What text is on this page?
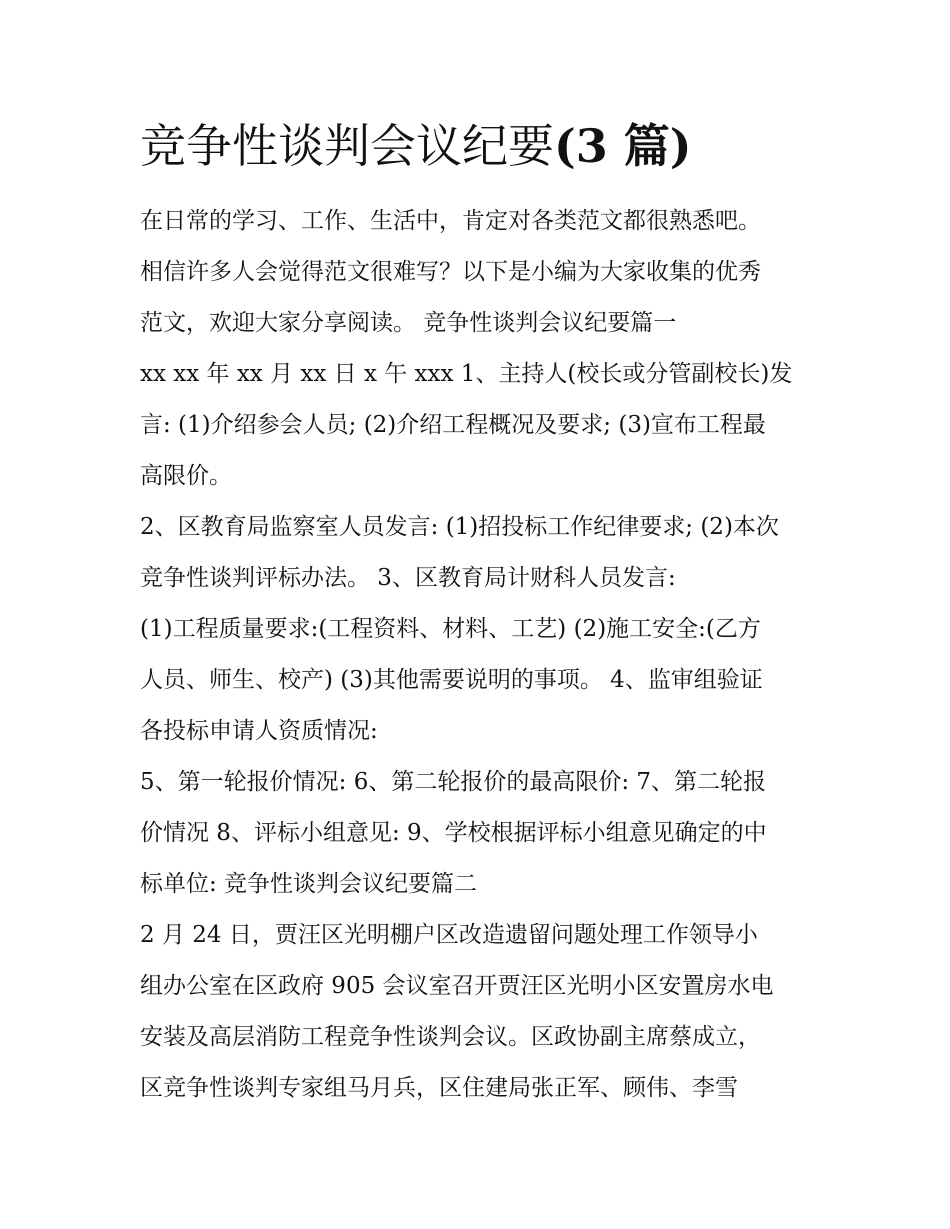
竞争性谈判会议纪要(3 篇)
在日常的学习、工作、生活中，肯定对各类范文都很熟悉吧。
相信许多人会觉得范文很难写？以下是小编为大家收集的优秀
范文，欢迎大家分享阅读。 竞争性谈判会议纪要篇一
xx xx 年 xx 月 xx 日 x 午 xxx 1、主持人(校长或分管副校长)发
言: (1)介绍参会人员; (2)介绍工程概况及要求; (3)宣布工程最
高限价。
2、区教育局监察室人员发言: (1)招投标工作纪律要求; (2)本次
竞争性谈判评标办法。 3、区教育局计财科人员发言:
(1)工程质量要求:(工程资料、材料、工艺) (2)施工安全:(乙方
人员、师生、校产) (3)其他需要说明的事项。 4、监审组验证
各投标申请人资质情况:
5、第一轮报价情况: 6、第二轮报价的最高限价: 7、第二轮报
价情况 8、评标小组意见: 9、学校根据评标小组意见确定的中
标单位: 竞争性谈判会议纪要篇二
2 月 24 日，贾汪区光明棚户区改造遗留问题处理工作领导小
组办公室在区政府 905 会议室召开贾汪区光明小区安置房水电
安装及高层消防工程竞争性谈判会议。区政协副主席蔡成立，
区竞争性谈判专家组马月兵，区住建局张正军、顾伟、李雪
